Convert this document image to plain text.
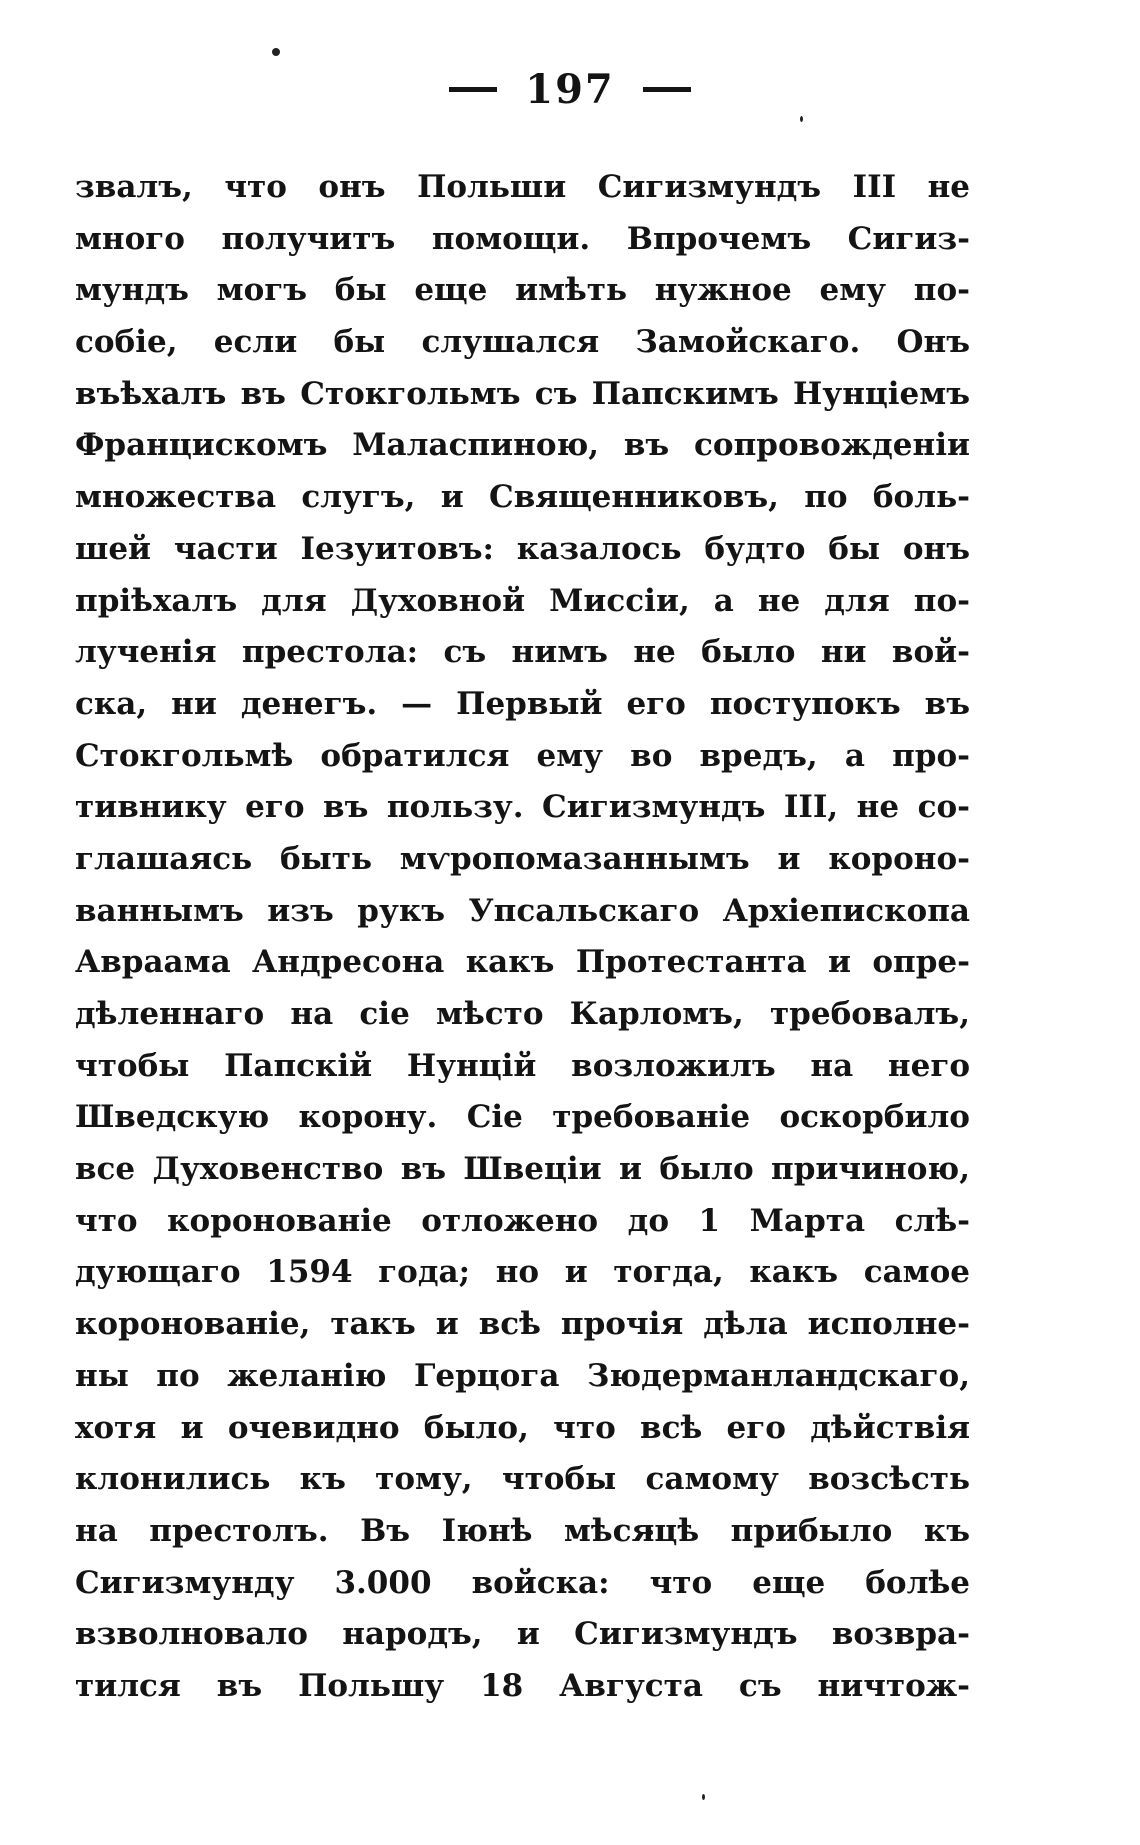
197
звалъ, что онъ Польши Сигизмундъ III не
много получитъ помощи. Впрочемъ Сигиз-
мундъ могъ бы еще имѣть нужное ему по-
собіе, если бы слушался Замойскаго. Онъ
въѣхалъ въ Стокгольмъ съ Папскимъ Нунціемъ
Францискомъ Маласпиною, въ сопровожденіи
множества слугъ, и Священниковъ, по боль-
шей части Іезуитовъ: казалось будто бы онъ
пріѣхалъ для Духовной Миссіи, а не для по-
лученія престола: съ нимъ не было ни вой-
ска, ни денегъ. — Первый его поступокъ въ
Стокгольмѣ обратился ему во вредъ, а про-
тивнику его въ пользу. Сигизмундъ III, не со-
глашаясь быть мѵропомазаннымъ и короно-
ваннымъ изъ рукъ Упсальскаго Архіепископа
Авраама Андресона какъ Протестанта и опре-
дѣленнаго на сіе мѣсто Карломъ, требовалъ,
чтобы Папскій Нунцій возложилъ на него
Шведскую корону. Сіе требованіе оскорбило
все Духовенство въ Швеціи и было причиною,
что коронованіе отложено до 1 Марта слѣ-
дующаго 1594 года; но и тогда, какъ самое
коронованіе, такъ и всѣ прочія дѣла исполне-
ны по желанію Герцога Зюдерманландскаго,
хотя и очевидно было, что всѣ его дѣйствія
клонились къ тому, чтобы самому возсѣсть
на престолъ. Въ Іюнѣ мѣсяцѣ прибыло къ
Сигизмунду 3.000 войска: что еще болѣе
взволновало народъ, и Сигизмундъ возвра-
тился въ Польшу 18 Августа съ ничтож-
